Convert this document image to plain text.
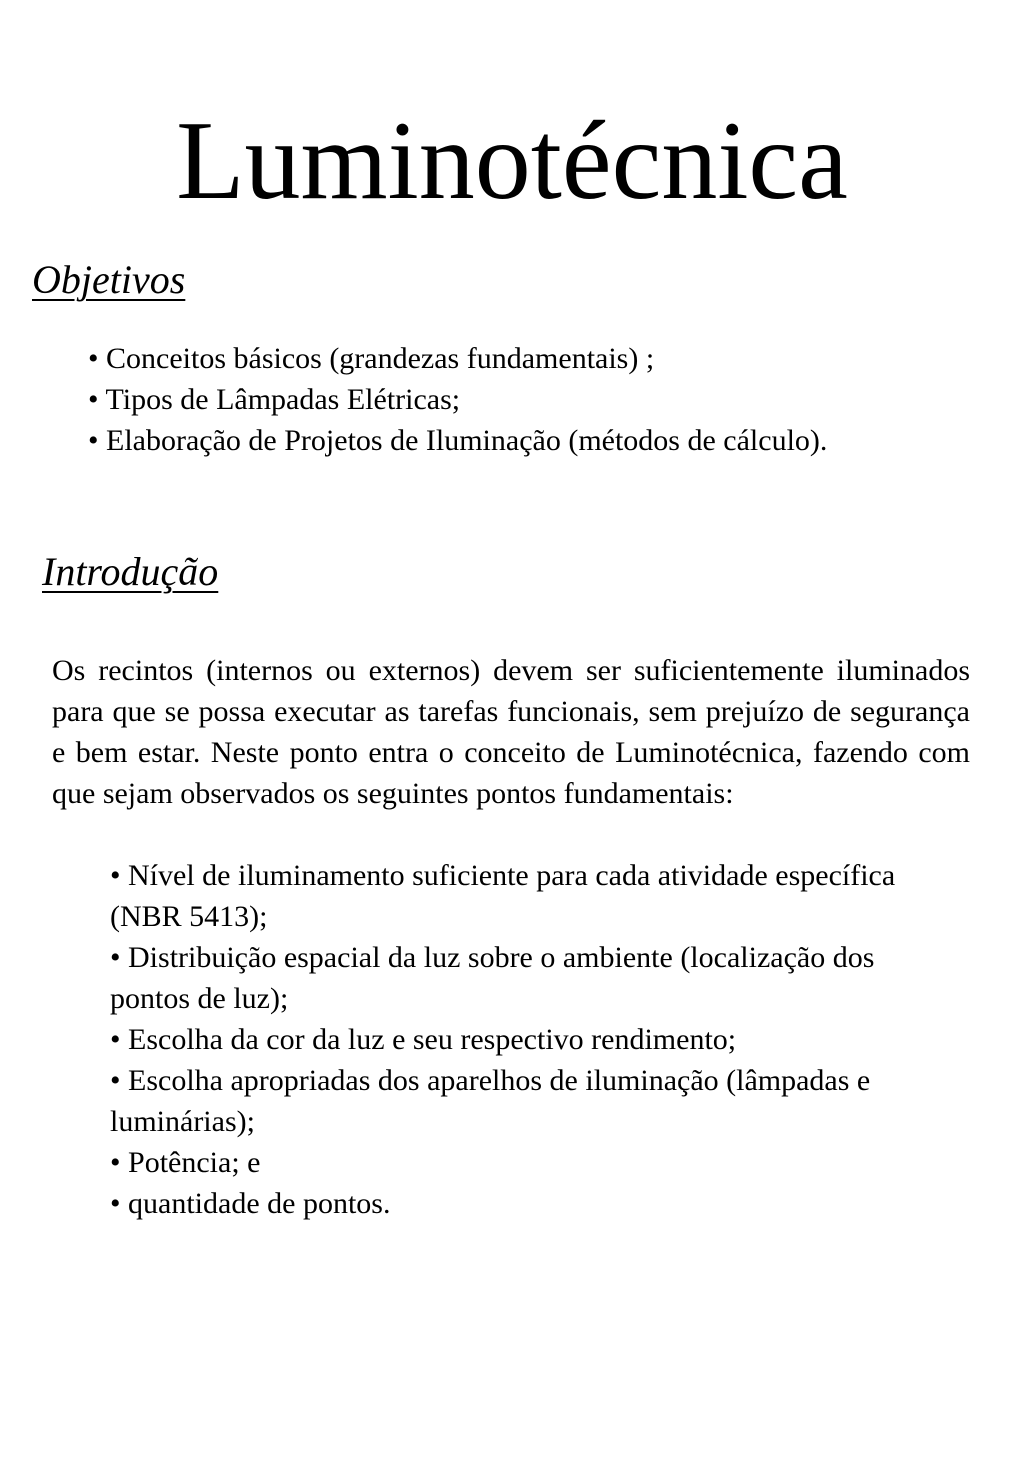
Luminotécnica
Objetivos
• Conceitos básicos (grandezas fundamentais) ;
• Tipos de Lâmpadas Elétricas;
• Elaboração de Projetos de Iluminação (métodos de cálculo).
Introdução

Os recintos (internos ou externos) devem ser suficientemente iluminados para que se possa executar as tarefas funcionais, sem prejuízo de segurança e bem estar. Neste ponto entra o conceito de Luminotécnica, fazendo com que sejam observados os seguintes pontos fundamentais:

• Nível de iluminamento suficiente para cada atividade específica (NBR 5413);
• Distribuição espacial da luz sobre o ambiente (localização dos pontos de luz);
• Escolha da cor da luz e seu respectivo rendimento;
• Escolha apropriadas dos aparelhos de iluminação (lâmpadas e luminárias);
• Potência; e
• quantidade de pontos.
